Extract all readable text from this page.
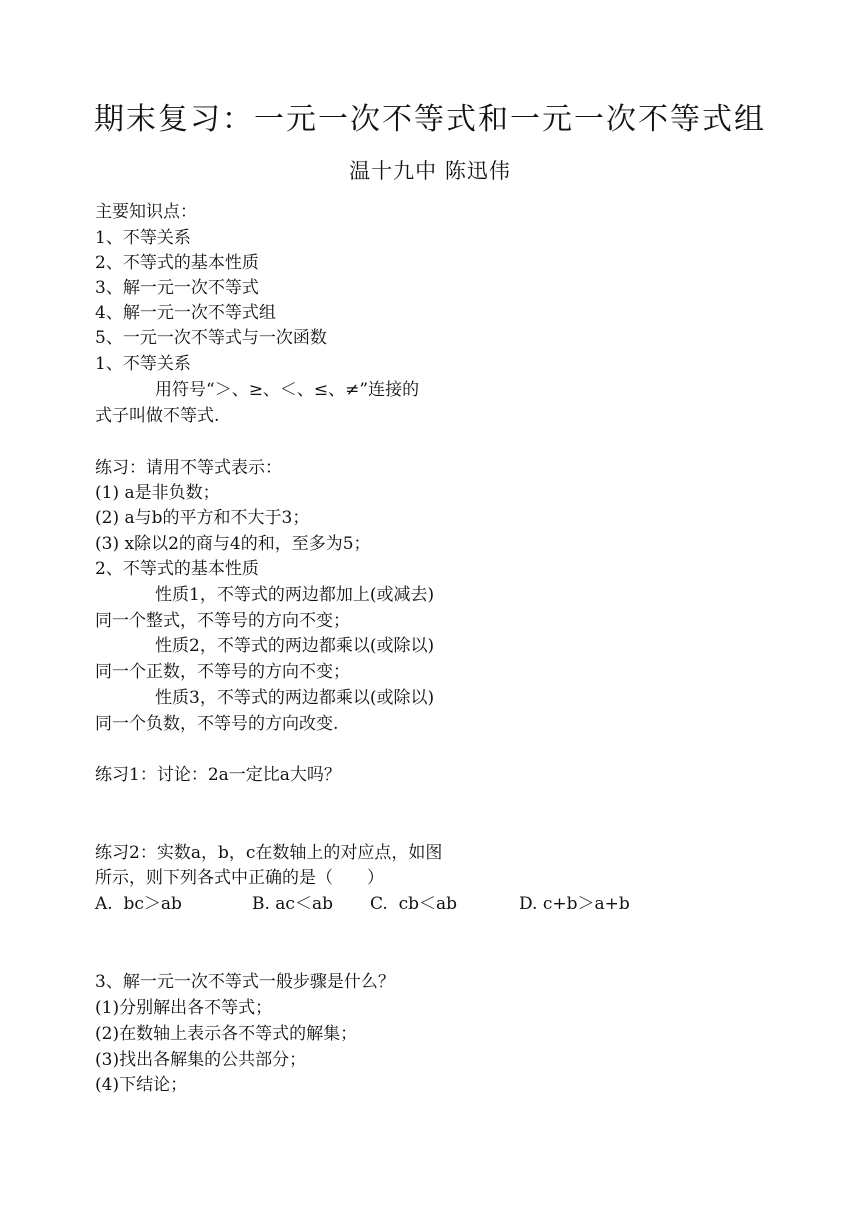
期末复习：一元一次不等式和一元一次不等式组
温十九中 陈迅伟
主要知识点：
1、不等关系
2、不等式的基本性质
3、解一元一次不等式
4、解一元一次不等式组
5、一元一次不等式与一次函数
1、不等关系
用符号“＞、≥、＜、≤、≠”连接的
式子叫做不等式.
练习：请用不等式表示：
(1) a是非负数；
(2) a与b的平方和不大于3；
(3) x除以2的商与4的和，至多为5；
2、不等式的基本性质
性质1，不等式的两边都加上(或减去)
同一个整式，不等号的方向不变；
性质2，不等式的两边都乘以(或除以)
同一个正数，不等号的方向不变；
性质3，不等式的两边都乘以(或除以)
同一个负数，不等号的方向改变.
练习1：讨论：2a一定比a大吗？
练习2：实数a，b，c在数轴上的对应点，如图
所示，则下列各式中正确的是（　　）

A.  bc＞ab

	B. ac＜ab

C.  cb＜ab

	D. c+b＞a+b

3、解一元一次不等式一般步骤是什么？
(1)分别解出各不等式；
(2)在数轴上表示各不等式的解集；
(3)找出各解集的公共部分；
(4)下结论；
